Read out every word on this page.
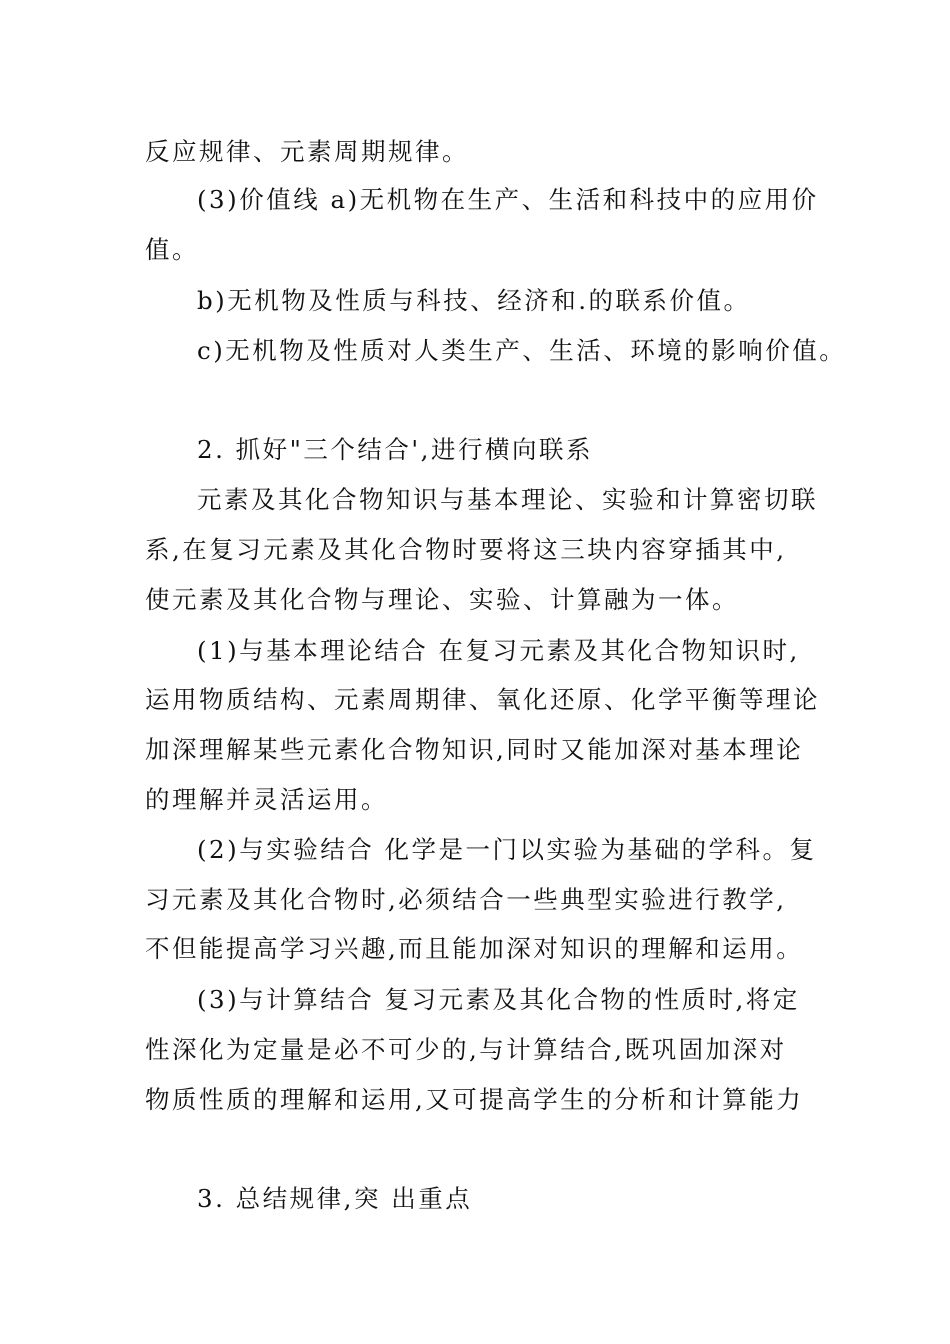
反应规律、元素周期规律。
(3)价值线 a)无机物在生产、生活和科技中的应用价
值。
b)无机物及性质与科技、经济和.的联系价值。
c)无机物及性质对人类生产、生活、环境的影响价值。
2. 抓好"三个结合',进行横向联系
元素及其化合物知识与基本理论、实验和计算密切联
系,在复习元素及其化合物时要将这三块内容穿插其中,
使元素及其化合物与理论、实验、计算融为一体。
(1)与基本理论结合 在复习元素及其化合物知识时,
运用物质结构、元素周期律、氧化还原、化学平衡等理论
加深理解某些元素化合物知识,同时又能加深对基本理论
的理解并灵活运用。
(2)与实验结合 化学是一门以实验为基础的学科。复
习元素及其化合物时,必须结合一些典型实验进行教学,
不但能提高学习兴趣,而且能加深对知识的理解和运用。
(3)与计算结合 复习元素及其化合物的性质时,将定
性深化为定量是必不可少的,与计算结合,既巩固加深对
物质性质的理解和运用,又可提高学生的分析和计算能力
3. 总结规律,突 出重点
